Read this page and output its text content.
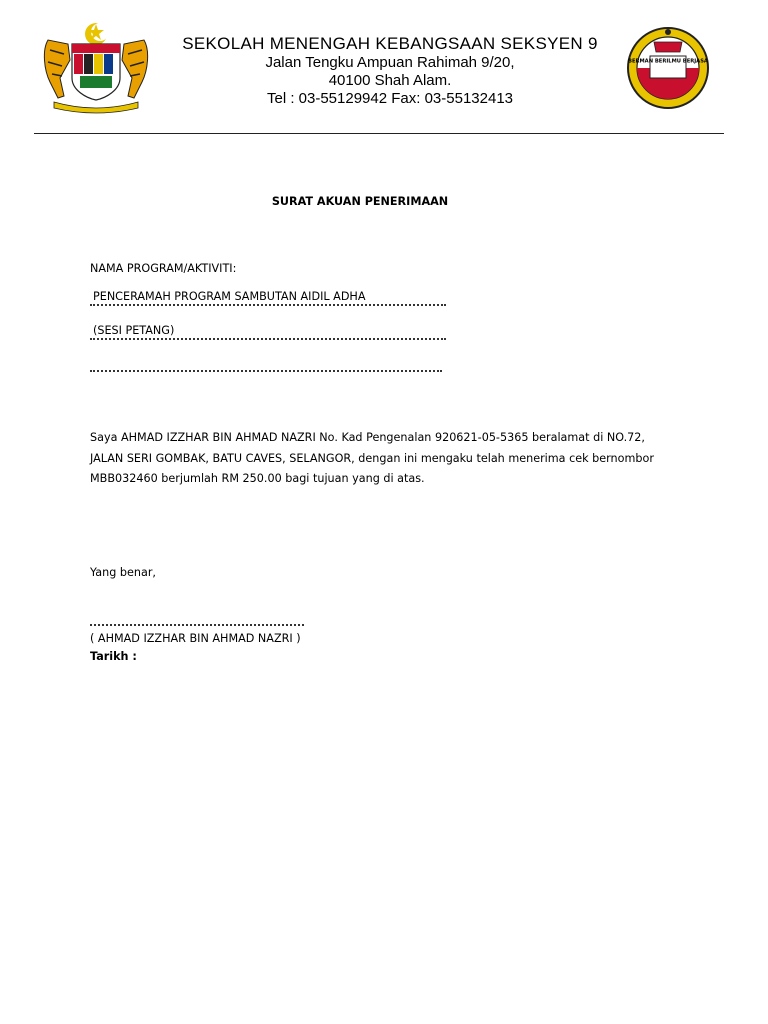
SEKOLAH MENENGAH KEBANGSAAN SEKSYEN 9
Jalan Tengku Ampuan Rahimah 9/20,
40100 Shah Alam.
Tel : 03-55129942 Fax: 03-55132413
BERMAN BERILMU BERJASA
SURAT AKUAN PENERIMAAN
NAMA PROGRAM/AKTIVITI:
PENCERAMAH PROGRAM SAMBUTAN AIDIL ADHA
(SESI PETANG)
Saya AHMAD IZZHAR BIN AHMAD NAZRI No. Kad Pengenalan 920621-05-5365 beralamat di NO.72, JALAN SERI GOMBAK, BATU CAVES, SELANGOR, dengan ini mengaku telah menerima cek bernombor MBB032460 berjumlah RM 250.00 bagi tujuan yang di atas.
Yang benar,
( AHMAD IZZHAR BIN AHMAD NAZRI )
Tarikh :
